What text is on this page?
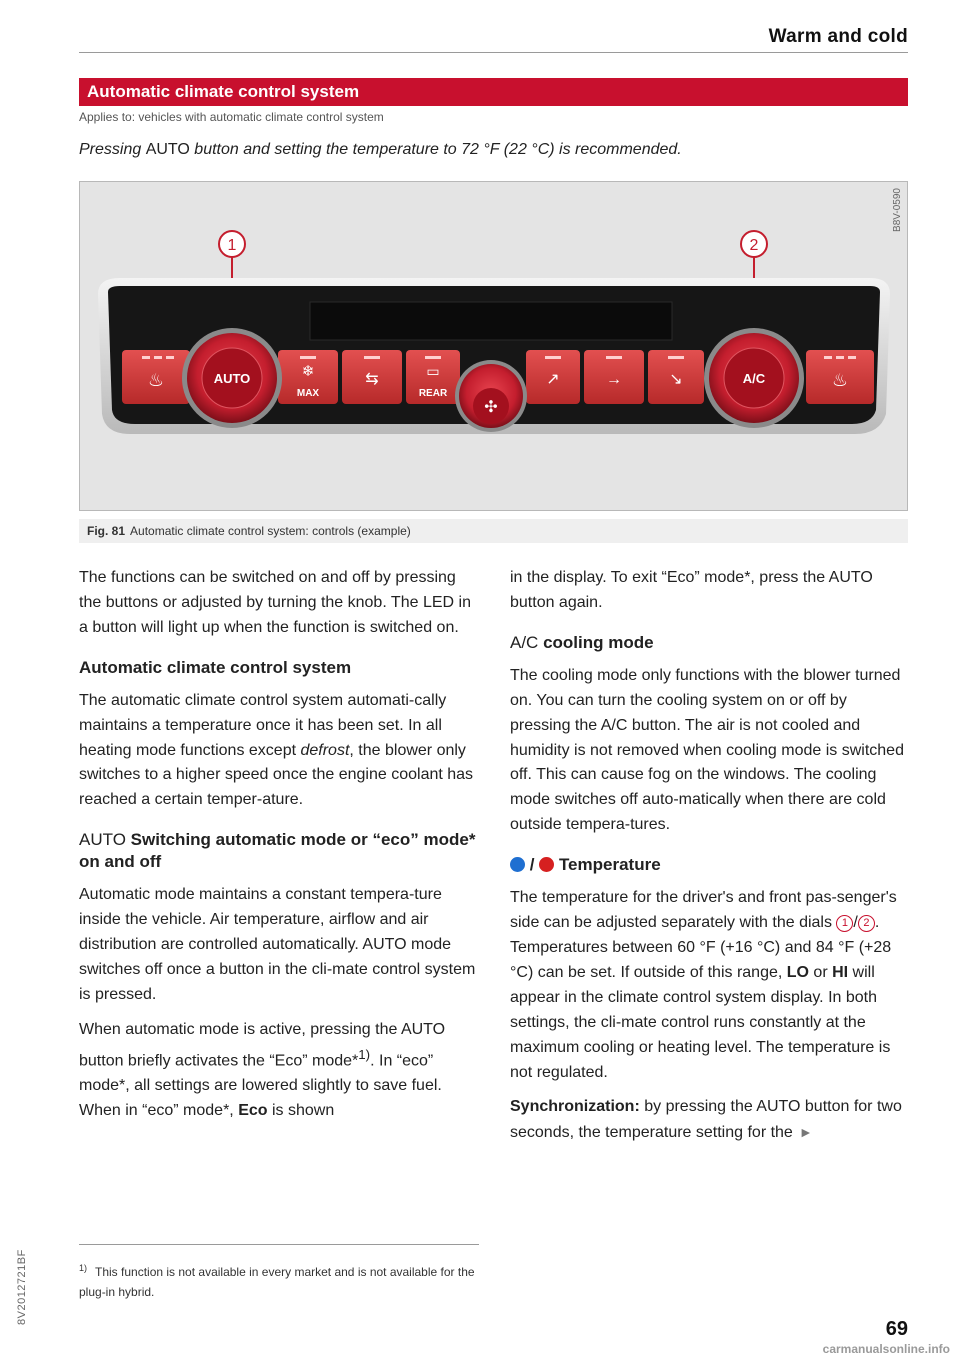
Warm and cold
Automatic climate control system
Applies to: vehicles with automatic climate control system
Pressing AUTO button and setting the temperature to 72 °F (22 °C) is recommended.
1	2
♨	❄
MAX
⇆	▭
REAR
↗	→	↘	♨
AUTO
✣
A/C
B8V-0590
Fig. 81 Automatic climate control system: controls (example)

The functions can be switched on and off by pressing the buttons or adjusted by turning the knob. The LED in a button will light up when the function is switched on.

Automatic climate control system

The automatic climate control system automati-cally maintains a temperature once it has been set. In all heating mode functions except defrost, the blower only switches to a higher speed once the engine coolant has reached a certain temper-ature.

AUTO Switching automatic mode or “eco” mode* on and off

Automatic mode maintains a constant tempera-ture inside the vehicle. Air temperature, airflow and air distribution are controlled automatically. AUTO mode switches off once a button in the cli-mate control system is pressed.

When automatic mode is active, pressing the AUTO button briefly activates the “Eco” mode*$^{1)}$. In “eco” mode*, all settings are lowered slightly to save fuel. When in “eco” mode*, Eco is shown

in the display. To exit “Eco” mode*, press the AUTO button again.

A/C cooling mode

The cooling mode only functions with the blower turned on. You can turn the cooling system on or off by pressing the A/C button. The air is not cooled and humidity is not removed when cooling mode is switched off. This can cause fog on the windows. The cooling mode switches off auto-matically when there are cold outside tempera-tures.

/ Temperature

The temperature for the driver's and front pas-senger's side can be adjusted separately with the dials 1 / 2 . Temperatures between 60 °F (+16 °C) and 84 °F (+28 °C) can be set. If outside of this range, LO or HI will appear in the climate control system display. In both settings, the cli-mate control runs constantly at the maximum cooling or heating level. The temperature is not regulated.

Synchronization: by pressing the AUTO button for two seconds, the temperature setting for the ►

$^{1)}$ This function is not available in every market and is not available for the plug-in hybrid.
8V2012721BF
69
carmanualsonline.info
